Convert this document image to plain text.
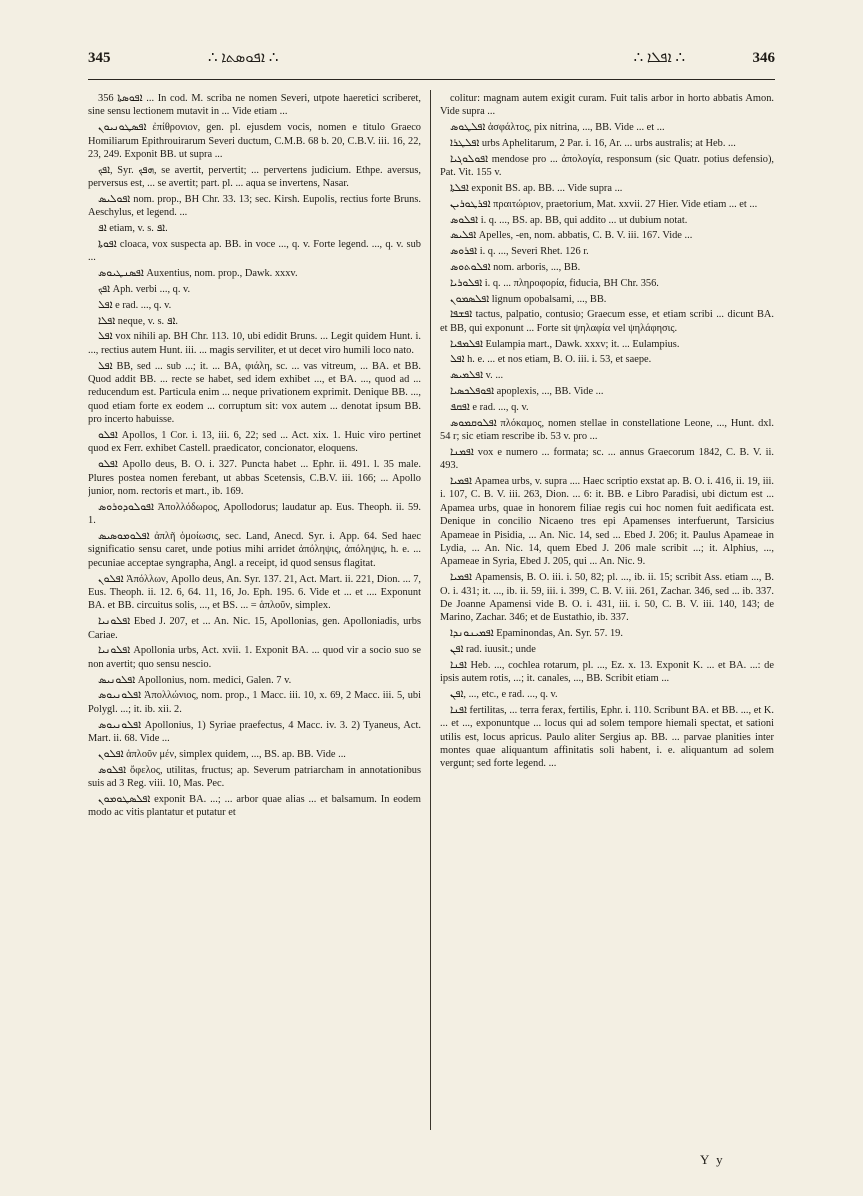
345	∴ ܐܦܘܣܬܐ ∴	∴ ܐܦܠܐ ∴	346

356 ܐܦܘܣܬܐ ... In cod. M. scriba ne nomen Severi, utpote haeretici scriberet, sine sensu lectionem mutavit in ... Vide etiam ...

ܐܦܣܛܘܢܝܘܢ ἐπίθρονιον, gen. pl. ejusdem vocis, nomen e titulo Graeco Homiliarum Epithrouirarum Severi ductum, C.M.B. 68 b. 20, C.B.V. iii. 16, 22, 23, 249. Exponit BB. ut supra ...

ܐܦܟ, Syr. ܗܦܟ, se avertit, pervertit; ... pervertens judicium. Ethpe. aversus, perversus est, ... se avertit; part. pl. ... aqua se invertens, Nasar.

ܐܦܘܠܝܣ nom. prop., BH Chr. 33. 13; sec. Kirsh. Eupolis, rectius forte Bruns. Aeschylus, et legend. ...

ܐܦ etiam, v. s. ܐܦ.

ܐܦܘܬܐ cloaca, vox suspecta ap. BB. in voce ..., q. v. Forte legend. ..., q. v. sub ...

ܐܦܣܢܛܝܘܣ Auxentius, nom. prop., Dawk. xxxv.

ܐܦܟ Aph. verbi ..., q. v.

ܐܦܠ e rad. ..., q. v.

ܐܦܠܐ neque, v. s. ܐܦ.

ܐܦܠ vox nihili ap. BH Chr. 113. 10, ubi edidit Bruns. ... Legit quidem Hunt. i. ..., rectius autem Hunt. iii. ... magis serviliter, et ut decet viro humili loco nato.

ܐܦܠ BB, sed ... sub ...; it. ... BA, φιάλη, sc. ... vas vitreum, ... BA. et BB. Quod addit BB. ... recte se habet, sed idem exhibet ..., et BA. ..., quod ad ... reducendum est. Particula enim ... neque privationem exprimit. Denique BB. ..., quod etiam forte ex eodem ... corruptum sit: vox autem ... denotat ipsum BB. pro incerto habuisse.

ܐܦܠܘ Apollos, 1 Cor. i. 13, iii. 6, 22; sed ... Act. xix. 1. Huic viro pertinet quod ex Ferr. exhibet Castell. praedicator, concionator, eloquens.

ܐܦܠܘ Apollo deus, B. O. i. 327. Puncta habet ... Ephr. ii. 491. l. 35 male. Plures postea nomen ferebant, ut abbas Scetensis, C.B.V. iii. 166; ... Apollo junior, nom. rectoris et mart., ib. 169.

ܐܦܘܠܘܕܘܪܘܣ Ἀπολλόδωρος, Apollodorus; laudatur ap. Eus. Theoph. ii. 59. 1.

ܐܦܠܘܡܘܣܝܣ ἀπλῆ ὁμοίωσις, sec. Land, Anecd. Syr. i. App. 64. Sed haec significatio sensu caret, unde potius mihi arridet ἀπόληψις, ἀπόληψις, h. e. ... pecuniae acceptae syngrapha, Angl. a receipt, id quod sensus flagitat.

ܐܦܠܘܢ Ἀπόλλων, Apollo deus, An. Syr. 137. 21, Act. Mart. ii. 221, Dion. ... 7, Eus. Theoph. ii. 12. 6, 64. 11, 16, Jo. Eph. 195. 6. Vide et ... et .... Exponunt BA. et BB. circuitus solis, ..., et BS. ... = ἁπλοῦν, simplex.

ܐܦܠܘܢܝܐ Ebed J. 207, et ... An. Nic. 15, Apollonias, gen. Apolloniadis, urbs Cariae.

ܐܦܠܘܢܝܐ Apollonia urbs, Act. xvii. 1. Exponit BA. ... quod vir a socio suo se non avertit; quo sensu nescio.

ܐܦܠܘܢܝܣ Apollonius, nom. medici, Galen. 7 v.

ܐܦܠܘܢܝܘܣ Ἀπολλώνιος, nom. prop., 1 Macc. iii. 10, x. 69, 2 Macc. iii. 5, ubi Polygl. ...; it. ib. xii. 2.

ܐܦܠܘܢܝܘܣ Apollonius, 1) Syriae praefectus, 4 Macc. iv. 3. 2) Tyaneus, Act. Mart. ii. 68. Vide ...

ܐܦܠܘܢ ἁπλοῦν μέν, simplex quidem, ..., BS. ap. BB. Vide ...

ܐܦܠܘܣ ὄφελος, utilitas, fructus; ap. Severum patriarcham in annotationibus suis ad 3 Reg. viii. 10, Mas. Pec.

ܐܦܠܣܛܘܡܘܢ exponit BA. ...; ... arbor quae alias ... et balsamum. In eodem modo ac vitis plantatur et putatur et

colitur: magnam autem exigit curam. Fuit talis arbor in horto abbatis Amon. Vide supra ...

ܐܦܠܛܘܣ ἀσφάλτος, pix nitrina, ..., BB. Vide ... et ...

ܐܦܠܛܪܐ urbs Aphelitarum, 2 Par. i. 16, Ar. ... urbs australis; at Heb. ...

ܐܦܘܠܘܓܝܐ mendose pro ... ἀπολογία, responsum (sic Quatr. potius defensio), Pat. Vit. 155 v.

ܐܦܠܬܐ exponit BS. ap. BB. ... Vide supra ...

ܐܦܪܛܘܪܝܢ πραιτώριον, praetorium, Mat. xxvii. 27 Hier. Vide etiam ... et ...

ܐܦܠܘܣ i. q. ..., BS. ap. BB, qui addito ... ut dubium notat.

ܐܦܠܝܣ Apelles, -en, nom. abbatis, C. B. V. iii. 167. Vide ...

ܐܦܪܘܣ i. q. ..., Severi Rhet. 126 r.

ܐܦܠܘܬܘܣ nom. arboris, ..., BB.

ܐܦܠܘܪܝܐ i. q. ... πληροφορία, fiducia, BH Chr. 356.

ܐܦܠܣܡܘܢ lignum opobalsami, ..., BB.

ܐܦܫܦܐ tactus, palpatio, contusio; Graecum esse, et etiam scribi ... dicunt BA. et BB, qui exponunt ... Forte sit ψηλαφία vel ψηλάφησις.

ܐܦܠܡܦܝܐ Eulampia mart., Dawk. xxxv; it. ... Eulampius.

ܐܦܠ h. e. ... et nos etiam, B. O. iii. i. 53, et saepe.

ܐܦܠܡܝܣ v. ...

ܐܦܘܦܠܟܣܝܐ apoplexis, ..., BB. Vide ...

ܐܦܩܦ e rad. ..., q. v.

ܐܦܠܘܩܡܘܣ πλόκαμος, nomen stellae in constellatione Leone, ..., Hunt. dxl. 54 r; sic etiam rescribe ib. 53 v. pro ...

ܐܦܡܢܐ vox e numero ... formata; sc. ... annus Graecorum 1842, C. B. V. ii. 493.

ܐܦܡܝܐ Apamea urbs, v. supra .... Haec scriptio exstat ap. B. O. i. 416, ii. 19, iii. i. 107, C. B. V. iii. 263, Dion. ... 6: it. BB. e Libro Paradisi, ubi dictum est ... Apamea urbs, quae in honorem filiae regis cui hoc nomen fuit aedificata est. Denique in concilio Nicaeno tres epi Apamenses interfuerunt, Tarsicius Apameae in Pisidia, ... An. Nic. 14, sed ... Ebed J. 206; it. Paulus Apameae in Lydia, ... An. Nic. 14, quem Ebed J. 206 male scribit ...; it. Alphius, ..., Apameae in Syria, Ebed J. 205, qui ... An. Nic. 9.

ܐܦܡܝܐ Apamensis, B. O. iii. i. 50, 82; pl. ..., ib. ii. 15; scribit Ass. etiam ..., B. O. i. 431; it. ..., ib. ii. 59, iii. i. 399, C. B. V. iii. 261, Zachar. 346, sed ... ib. 337. De Joanne Apamensi vide B. O. i. 431, iii. i. 50, C. B. V. iii. 140, 143; de Marino, Zachar. 346; et de Eustathio, ib. 337.

ܐܦܡܝܢܘܢܕܐ Epaminondas, An. Syr. 57. 19.

ܐܦܢ rad. iuusit.; unde

ܐܦܢܐ Heb. ..., cochlea rotarum, pl. ..., Ez. x. 13. Exponit K. ... et BA. ...: de ipsis autem rotis, ...; it. canales, ..., BB. Scribit etiam ...

ܐܦܢ, ..., etc., e rad. ..., q. v.

ܐܦܢܐ fertilitas, ... terra ferax, fertilis, Ephr. i. 110. Scribunt BA. et BB. ..., et K. ... et ..., exponuntque ... locus qui ad solem tempore hiemali spectat, et sationi utilis est, locus apricus. Paulo aliter Sergius ap. BB. ... parvae planities inter montes quae aliquantum affinitatis soli habent, i. e. aliquantum ad solem vergunt; sed forte legend. ...

Y y
